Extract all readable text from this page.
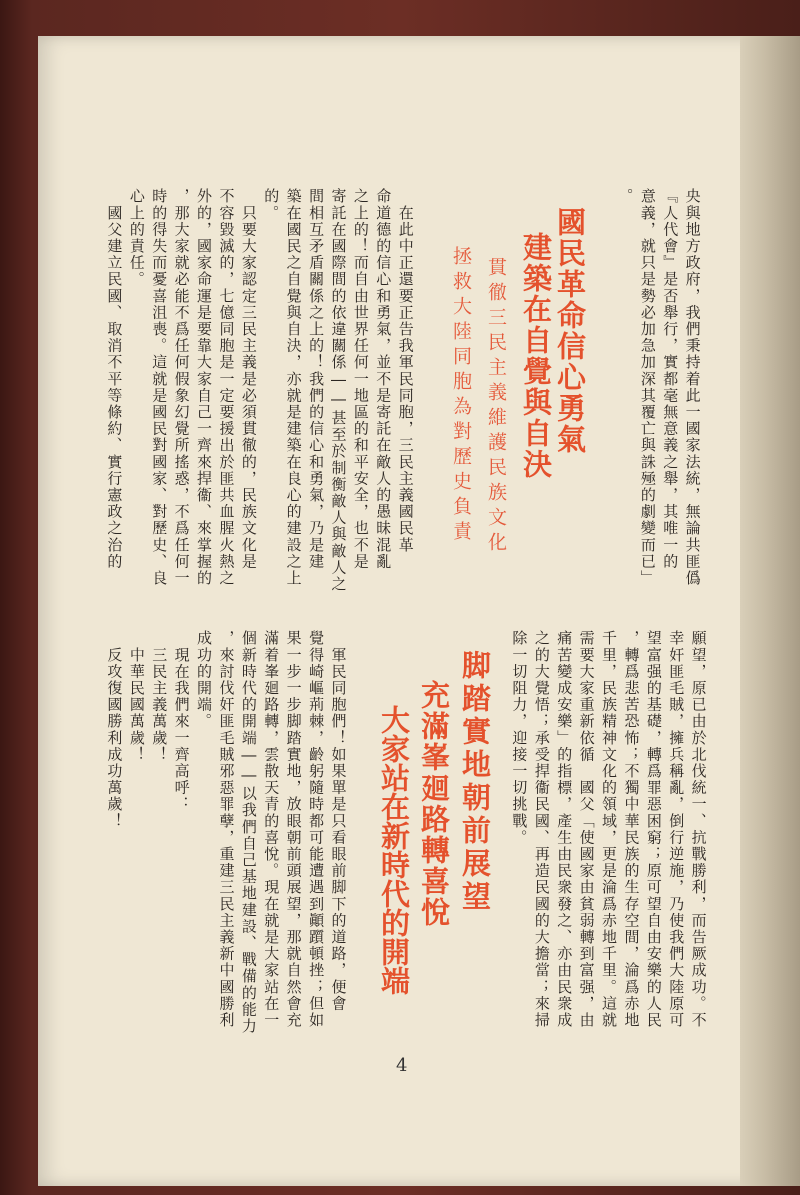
央與地方政府，我們秉持着此一國家法統，無論共匪僞
『人代會』是否舉行，實都毫無意義之舉，其唯一的
意義，就只是勢必加急加深其覆亡與誅殛的劇變而已」
。
國民革命信心勇氣
建築在自覺與自決
貫徹三民主義維護民族文化
拯救大陸同胞為對歷史負責

　在此中正還要正告我軍民同胞，三民主義國民革
命道德的信心和勇氣，並不是寄託在敵人的愚昧混亂
之上的！而自由世界任何一地區的和平安全，也不是
寄託在國際間的依違關係――甚至於制衡敵人與敵人之
間相互矛盾關係之上的！我們的信心和勇氣，乃是建
築在國民之自覺與自決，亦就是建築在良心的建設之上
的。
　只要大家認定三民主義是必須貫徹的，民族文化是
不容毀滅的，七億同胞是一定要援出於匪共血腥火熱之
外的，國家命運是要靠大家自己一齊來捍衞、來掌握的
，那大家就必能不爲任何假象幻覺所搖惑，不爲任何一
時的得失而憂喜沮喪。這就是國民對國家、對歷史、良
心上的責任。
　國父建立民國、取消不平等條約、實行憲政之治的
願望，原已由於北伐統一、抗戰勝利，而告厥成功。不
幸奸匪毛賊，擁兵稱亂，倒行逆施，乃使我們大陸原可
望富强的基礎，轉爲罪惡困窮；原可望自由安樂的人民
，轉爲悲苦恐怖；不獨中華民族的生存空間，淪爲赤地
千里，民族精神文化的領域，更是淪爲赤地千里。這就
需要大家重新依循　國父「使國家由貧弱轉到富强，由
痛苦變成安樂」的指標，產生由民衆發之、亦由民衆成
之的大覺悟；承受捍衞民國、再造民國的大擔當；來掃
除一切阻力，迎接一切挑戰。
脚踏實地朝前展望
充滿峯廻路轉喜悅
大家站在新時代的開端

　軍民同胞們！如果單是只看眼前脚下的道路，便會
覺得崎嶇荊棘，齡躬隨時都可能遭遇到顚躓頓挫；但如
果一步一步脚踏實地，放眼朝前頭展望，那就自然會充
滿着峯廻路轉，雲散天青的喜悅。現在就是大家站在一
個新時代的開端――以我們自己基地建設、戰備的能力
，來討伐奸匪毛賊邪惡罪孽，重建三民主義新中國勝利
成功的開端。
　現在我們來一齊高呼：
　三民主義萬歲！
　中華民國萬歲！
　反攻復國勝利成功萬歲！
4
